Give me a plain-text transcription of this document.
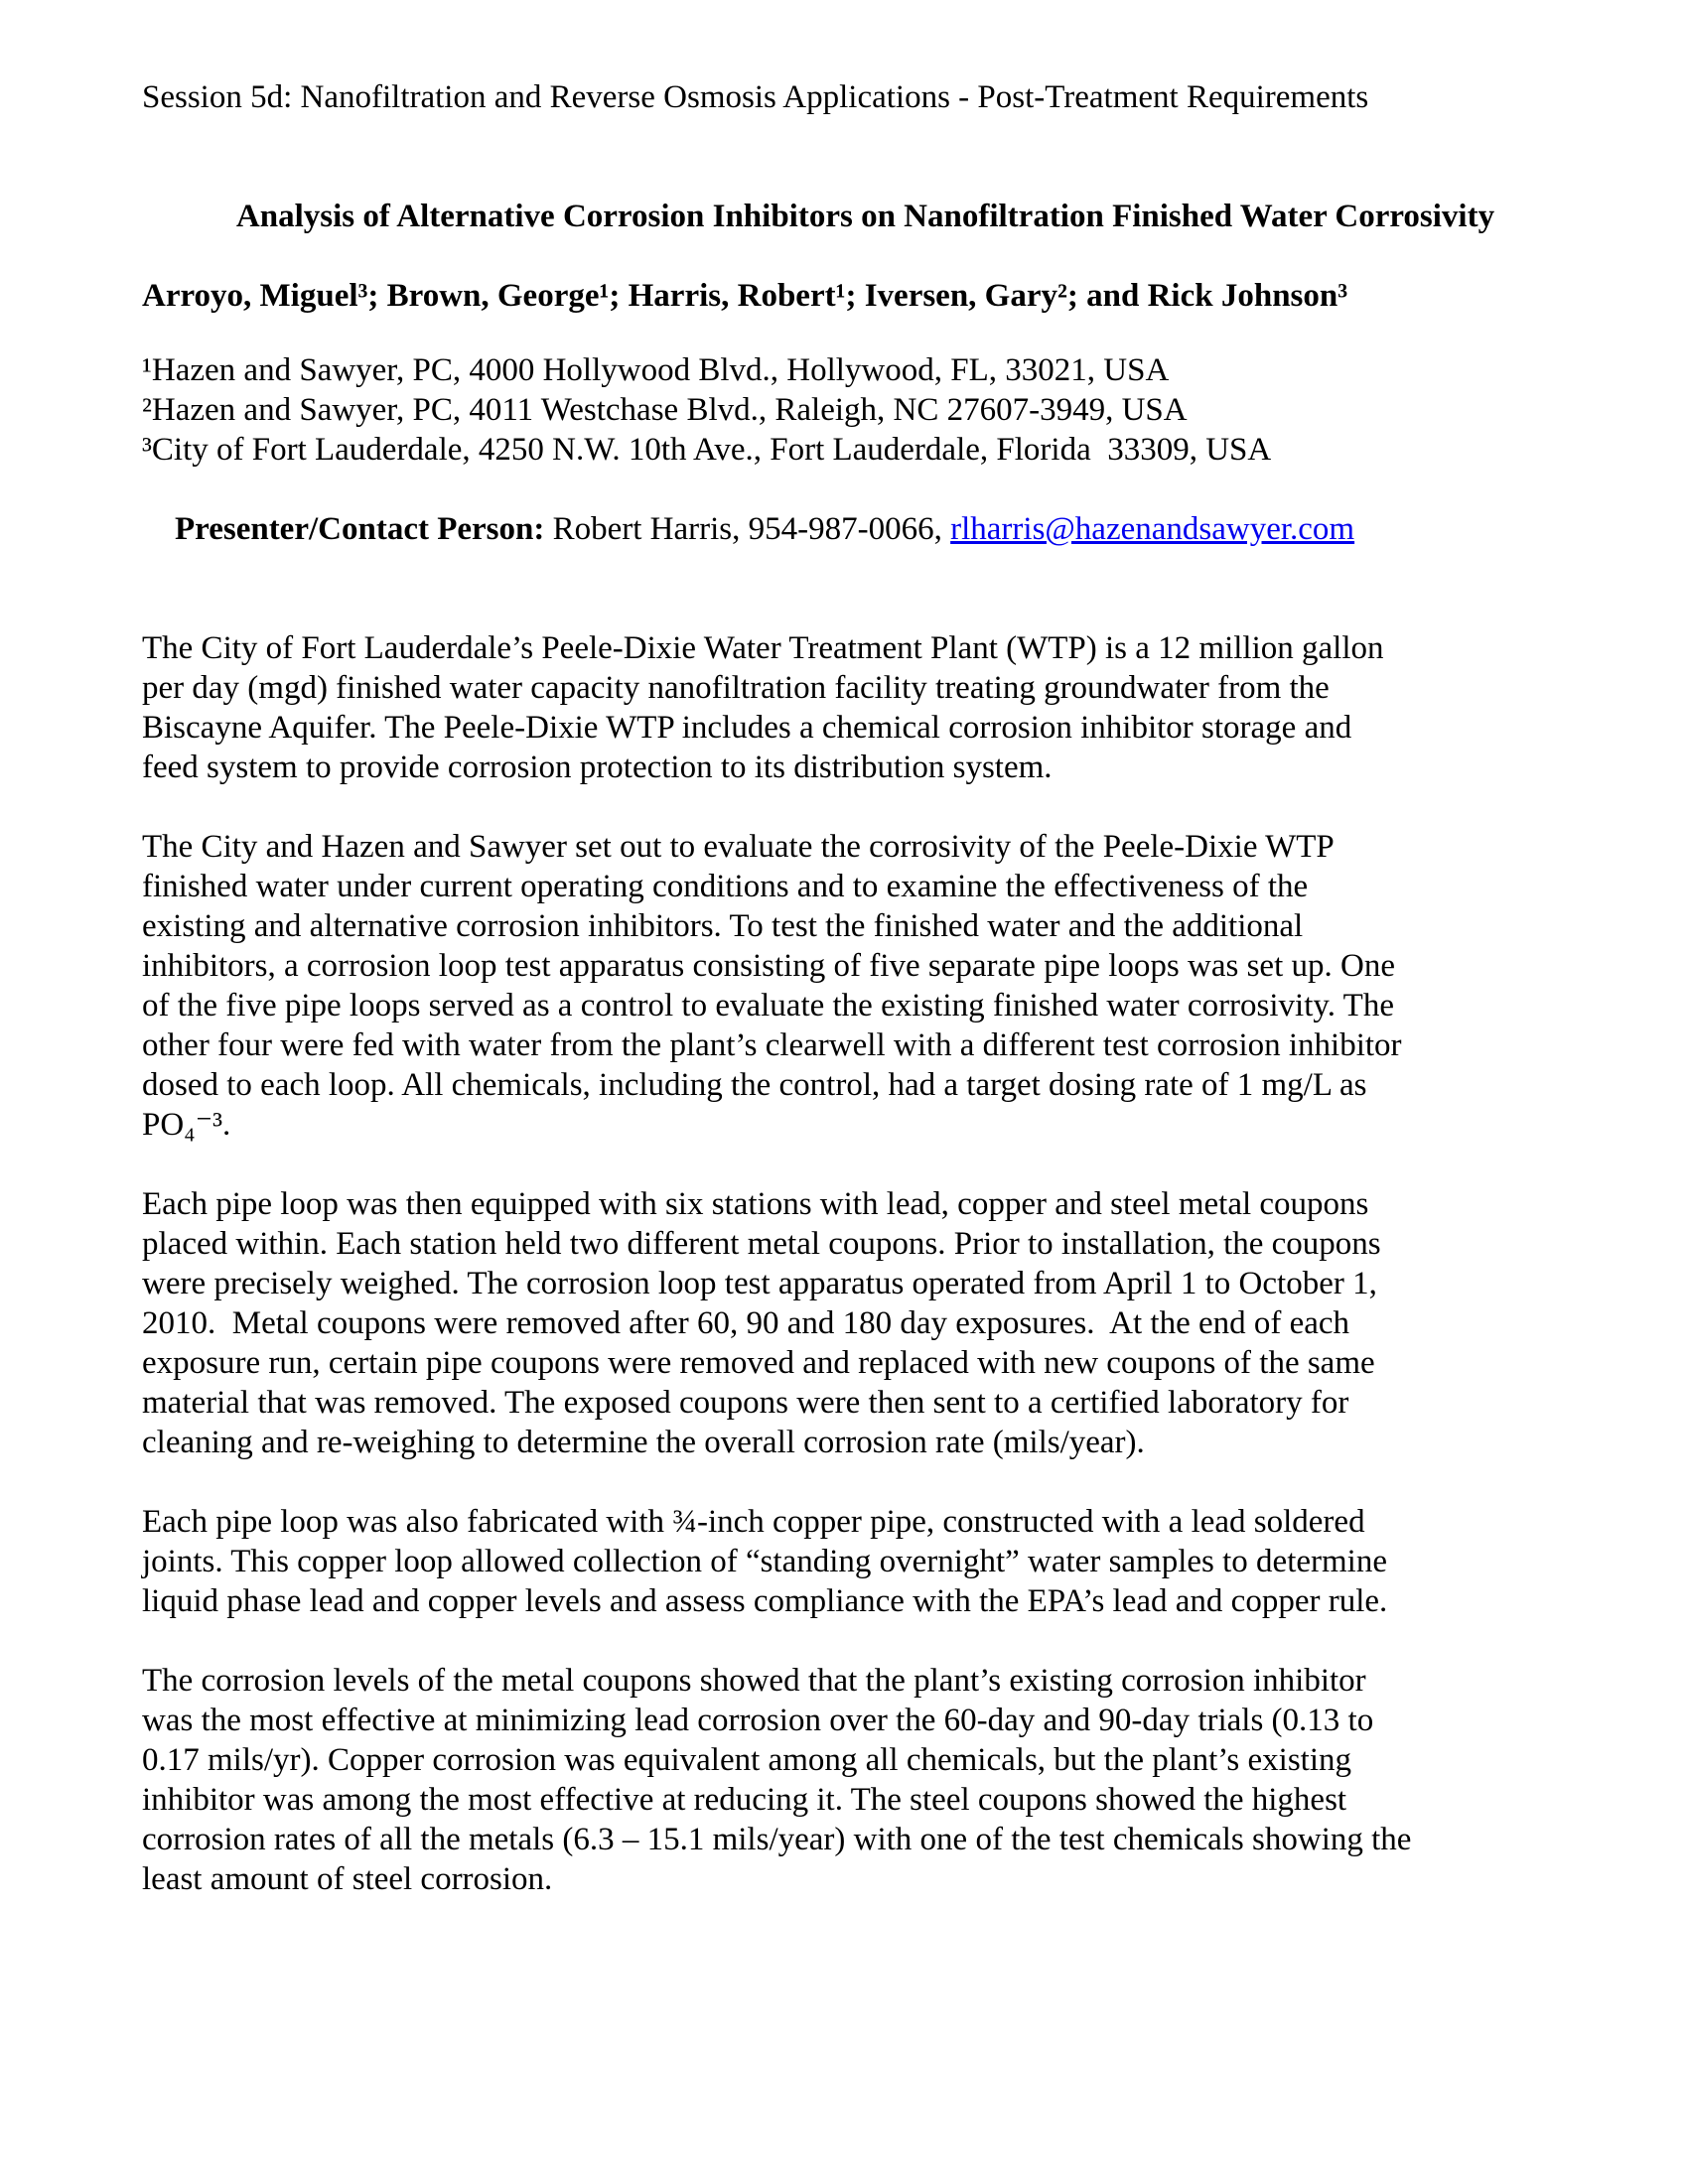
Session 5d: Nanofiltration and Reverse Osmosis Applications - Post-Treatment Requirements
Analysis of Alternative Corrosion Inhibitors on Nanofiltration Finished Water Corrosivity
Arroyo, Miguel³; Brown, George¹; Harris, Robert¹; Iversen, Gary²; and Rick Johnson³
¹Hazen and Sawyer, PC, 4000 Hollywood Blvd., Hollywood, FL, 33021, USA
²Hazen and Sawyer, PC, 4011 Westchase Blvd., Raleigh, NC 27607-3949, USA
³City of Fort Lauderdale, 4250 N.W. 10th Ave., Fort Lauderdale, Florida  33309, USA

Presenter/Contact Person: Robert Harris, 954-987-0066, rlharris@hazenandsawyer.com

The City of Fort Lauderdale’s Peele-Dixie Water Treatment Plant (WTP) is a 12 million gallon
per day (mgd) finished water capacity nanofiltration facility treating groundwater from the
Biscayne Aquifer. The Peele-Dixie WTP includes a chemical corrosion inhibitor storage and
feed system to provide corrosion protection to its distribution system.
The City and Hazen and Sawyer set out to evaluate the corrosivity of the Peele-Dixie WTP
finished water under current operating conditions and to examine the effectiveness of the
existing and alternative corrosion inhibitors. To test the finished water and the additional
inhibitors, a corrosion loop test apparatus consisting of five separate pipe loops was set up. One
of the five pipe loops served as a control to evaluate the existing finished water corrosivity. The
other four were fed with water from the plant’s clearwell with a different test corrosion inhibitor
dosed to each loop. All chemicals, including the control, had a target dosing rate of 1 mg/L as
PO₄⁻³.
Each pipe loop was then equipped with six stations with lead, copper and steel metal coupons
placed within. Each station held two different metal coupons. Prior to installation, the coupons
were precisely weighed. The corrosion loop test apparatus operated from April 1 to October 1,
2010.  Metal coupons were removed after 60, 90 and 180 day exposures.  At the end of each
exposure run, certain pipe coupons were removed and replaced with new coupons of the same
material that was removed. The exposed coupons were then sent to a certified laboratory for
cleaning and re-weighing to determine the overall corrosion rate (mils/year).
Each pipe loop was also fabricated with ¾-inch copper pipe, constructed with a lead soldered
joints. This copper loop allowed collection of “standing overnight” water samples to determine
liquid phase lead and copper levels and assess compliance with the EPA’s lead and copper rule.
The corrosion levels of the metal coupons showed that the plant’s existing corrosion inhibitor
was the most effective at minimizing lead corrosion over the 60-day and 90-day trials (0.13 to
0.17 mils/yr). Copper corrosion was equivalent among all chemicals, but the plant’s existing
inhibitor was among the most effective at reducing it. The steel coupons showed the highest
corrosion rates of all the metals (6.3 – 15.1 mils/year) with one of the test chemicals showing the
least amount of steel corrosion.
